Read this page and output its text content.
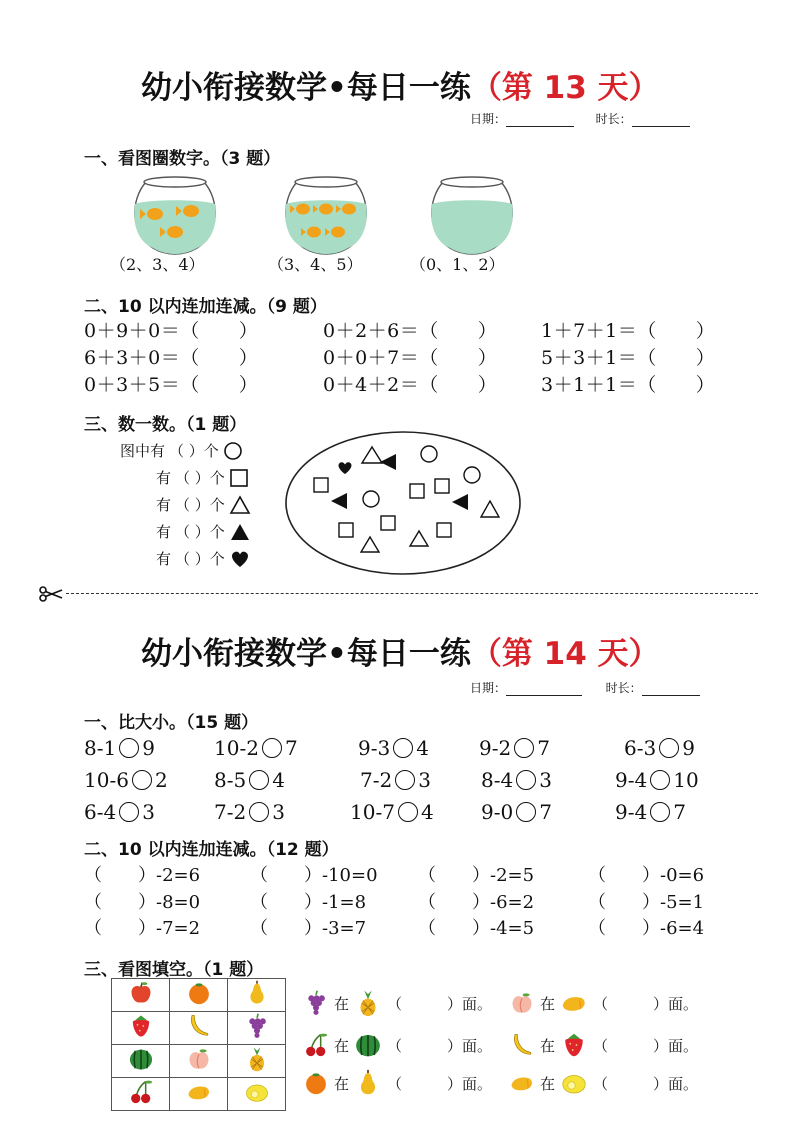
幼小衔接数学•每日一练（第 13 天）
日期：	时长：
一、看图圈数字。（3 题）
（2、3、4）	（3、4、5）	（0、1、2）
二、10 以内连加连减。（9 题）
0＋9＋0＝（　　）	0＋2＋6＝（　　） 1＋7＋1＝（　　）
6＋3＋0＝（　　）	0＋0＋7＝（　　） 5＋3＋1＝（　　）
0＋3＋5＝（　　）	0＋4＋2＝（　　） 3＋1＋1＝（　　）
三、数一数。（1 题）
图中有 （ ）个
有 （ ）个
有 （ ）个
有 （ ）个
有 （ ）个
幼小衔接数学•每日一练（第 14 天）
日期：	时长：
一、比大小。（15 题）
8-1 9	10-2 7	9-3 4	9-2 7	6-3 9
10-6 2 8-5 4	7-2 3	8-4 3	9-4 10
6-4 3	7-2 3	10-7 4 9-0 7	9-4 7
二、10 以内连加连减。（12 题）
（　　）-2=6	（　　）-10=0 （　　）-2=5	（　　）-0=6
（　　）-8=0	（　　）-1=8	（　　）-6=2	（　　）-5=1
（　　）-7=2	（　　）-3=7	（　　）-4=5	（　　）-6=4
三、看图填空。（1 题）

在	（　　　）面。
在	（　　　）面。
在	（　　　）面。
在	（　　　）面。
在	（　　　）面。
在	（　　　）面。
